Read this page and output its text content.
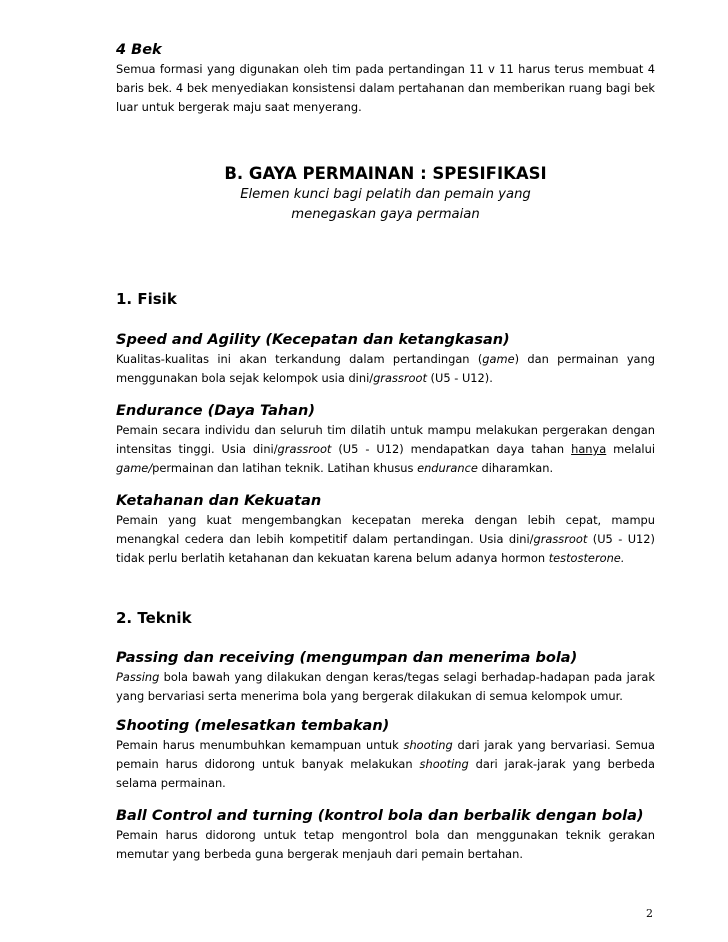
4 Bek

Semua formasi yang digunakan oleh tim pada pertandingan 11 v 11 harus terus membuat 4 baris bek. 4 bek menyediakan konsistensi dalam pertahanan dan memberikan ruang bagi bek luar untuk bergerak maju saat menyerang.

B. GAYA PERMAINAN : SPESIFIKASI

Elemen kunci bagi pelatih dan pemain yang

menegaskan gaya permaian

1. Fisik

Speed and Agility (Kecepatan dan ketangkasan)

Kualitas-kualitas ini akan terkandung dalam pertandingan (game) dan permainan yang menggunakan bola sejak kelompok usia dini/grassroot (U5 - U12).

Endurance (Daya Tahan)

Pemain secara individu dan seluruh tim dilatih untuk mampu melakukan pergerakan dengan intensitas tinggi. Usia dini/grassroot (U5 - U12) mendapatkan daya tahan hanya melalui game/permainan dan latihan teknik. Latihan khusus endurance diharamkan.

Ketahanan dan Kekuatan

Pemain yang kuat mengembangkan kecepatan mereka dengan lebih cepat, mampu menangkal cedera dan lebih kompetitif dalam pertandingan. Usia dini/grassroot (U5 - U12) tidak perlu berlatih ketahanan dan kekuatan karena belum adanya hormon testosterone.

2. Teknik

Passing dan receiving (mengumpan dan menerima bola)

Passing bola bawah yang dilakukan dengan keras/tegas selagi berhadap-hadapan pada jarak yang bervariasi serta menerima bola yang bergerak dilakukan di semua kelompok umur.

Shooting (melesatkan tembakan)

Pemain harus menumbuhkan kemampuan untuk shooting dari jarak yang bervariasi. Semua pemain harus didorong untuk banyak melakukan shooting dari jarak-jarak yang berbeda selama permainan.

Ball Control and turning (kontrol bola dan berbalik dengan bola)

Pemain harus didorong untuk tetap mengontrol bola dan menggunakan teknik gerakan memutar yang berbeda guna bergerak menjauh dari pemain bertahan.

2
